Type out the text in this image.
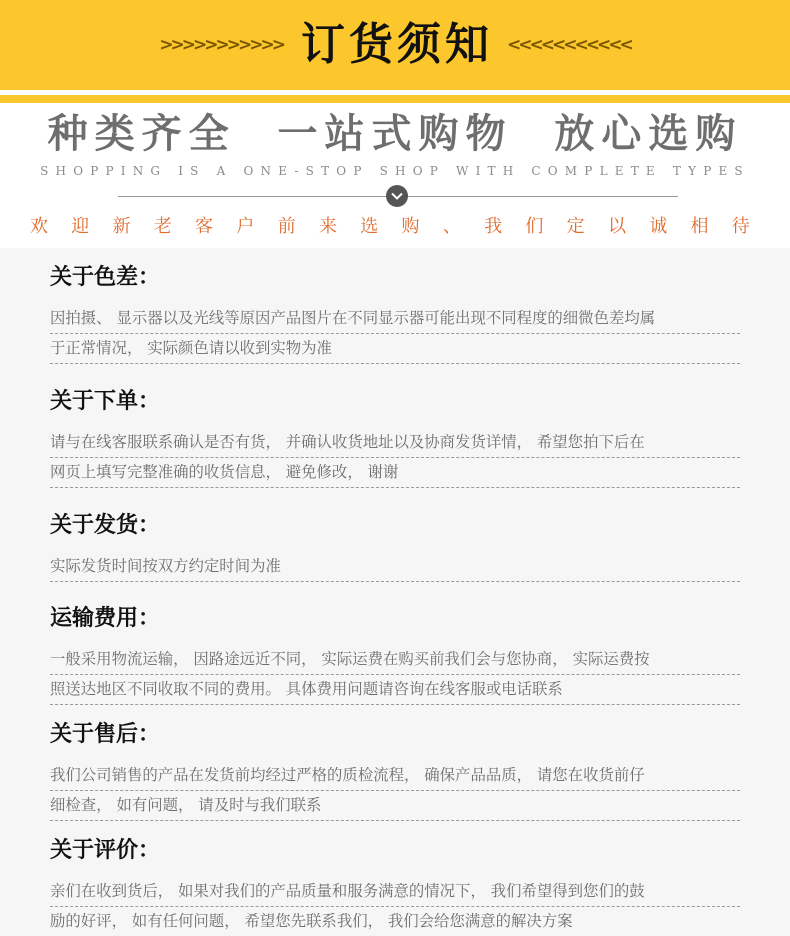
>>>>>>>>>>> 订货须知 <<<<<<<<<<<
种类齐全  一站式购物  放心选购
SHOPPING IS A ONE-STOP SHOP WITH COMPLETE TYPES
欢 迎 新 老 客 户 前 来 选 购 、 我 们 定 以 诚 相 待
关于色差：
因拍摄、 显示器以及光线等原因产品图片在不同显示器可能出现不同程度的细微色差均属
于正常情况， 实际颜色请以收到实物为准
关于下单：
请与在线客服联系确认是否有货， 并确认收货地址以及协商发货详情， 希望您拍下后在
网页上填写完整准确的收货信息， 避免修改， 谢谢
关于发货：
实际发货时间按双方约定时间为准
运输费用：
一般采用物流运输， 因路途远近不同， 实际运费在购买前我们会与您协商， 实际运费按
照送达地区不同收取不同的费用。 具体费用问题请咨询在线客服或电话联系
关于售后：
我们公司销售的产品在发货前均经过严格的质检流程， 确保产品品质， 请您在收货前仔
细检查， 如有问题， 请及时与我们联系
关于评价：
亲们在收到货后， 如果对我们的产品质量和服务满意的情况下， 我们希望得到您们的鼓
励的好评， 如有任何问题， 希望您先联系我们， 我们会给您满意的解决方案
